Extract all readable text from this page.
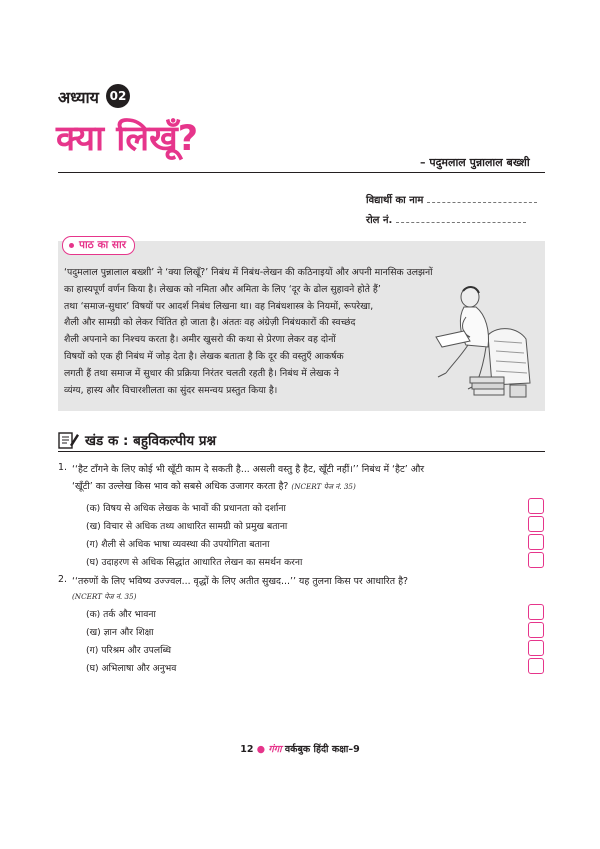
अध्याय 02
क्या लिखूँ?
– पदुमलाल पुन्नालाल बख्शी
विद्यार्थी का नाम
रोल नं.
पाठ का सार
‘पदुमलाल पुन्नालाल बख्शी’ ने ‘क्या लिखूँ?’ निबंध में निबंध-लेखन की कठिनाइयों और अपनी मानसिक उलझनों
का हास्यपूर्ण वर्णन किया है। लेखक को नमिता और अमिता के लिए ‘दूर के ढोल सुहावने होते हैं’
तथा ‘समाज-सुधार’ विषयों पर आदर्श निबंध लिखना था। वह निबंधशास्त्र के नियमों, रूपरेखा,
शैली और सामग्री को लेकर चिंतित हो जाता है। अंततः वह अंग्रेज़ी निबंधकारों की स्वच्छंद
शैली अपनाने का निश्चय करता है। अमीर खुसरो की कथा से प्रेरणा लेकर वह दोनों
विषयों को एक ही निबंध में जोड़ देता है। लेखक बताता है कि दूर की वस्तुएँ आकर्षक
लगती हैं तथा समाज में सुधार की प्रक्रिया निरंतर चलती रहती है। निबंध में लेखक ने
व्यंग्य, हास्य और विचारशीलता का सुंदर समन्वय प्रस्तुत किया है।
खंड क : बहुविकल्पीय प्रश्न
1. ‘‘हैट टाँगने के लिए कोई भी खूँटी काम दे सकती है... असली वस्तु है हैट, खूँटी नहीं।’’ निबंध में ‘हैट’ और
‘खूँटी’ का उल्लेख किस भाव को सबसे अधिक उजागर करता है? (NCERT पेज नं. 35)
(क) विषय से अधिक लेखक के भावों की प्रधानता को दर्शाना
(ख) विचार से अधिक तथ्य आधारित सामग्री को प्रमुख बताना
(ग) शैली से अधिक भाषा व्यवस्था की उपयोगिता बताना
(घ) उदाहरण से अधिक सिद्धांत आधारित लेखन का समर्थन करना
2. ‘‘तरुणों के लिए भविष्य उज्ज्वल... वृद्धों के लिए अतीत सुखद...’’ यह तुलना किस पर आधारित है?
(NCERT पेज नं. 35)
(क) तर्क और भावना
(ख) ज्ञान और शिक्षा
(ग) परिश्रम और उपलब्धि
(घ) अभिलाषा और अनुभव
12 ● गंगा वर्कबुक हिंदी कक्षा–9
